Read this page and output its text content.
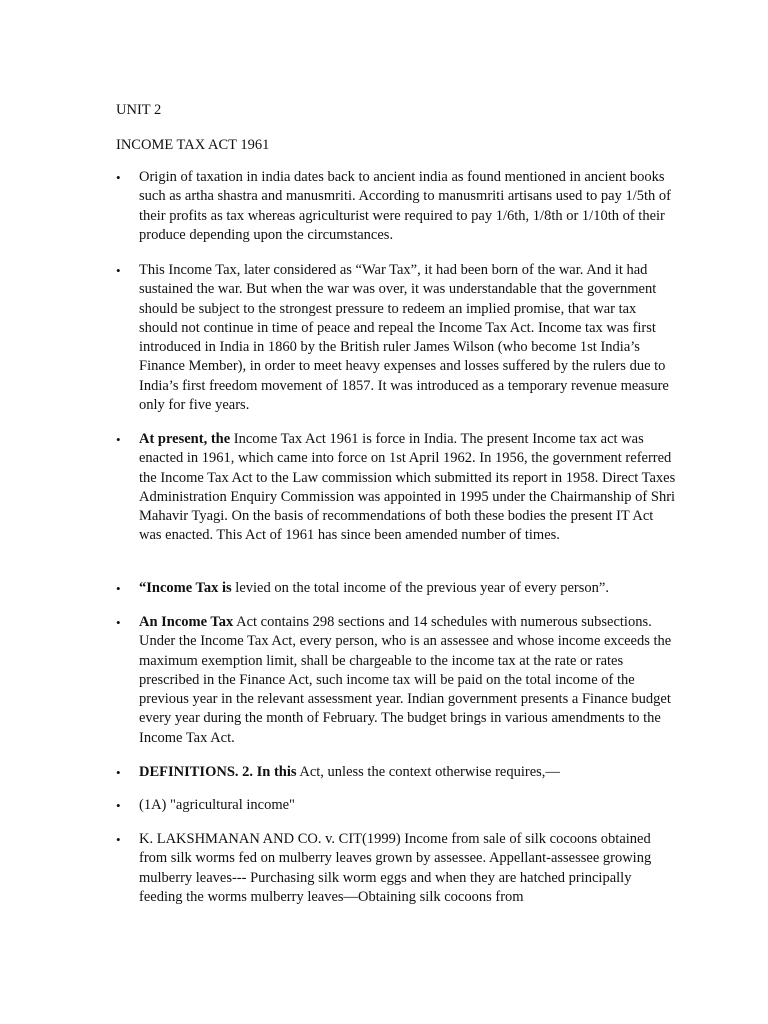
UNIT 2

INCOME TAX ACT 1961

•	Origin of taxation in india dates back to ancient india as found mentioned in ancient books such as artha shastra and manusmriti. According to manusmriti artisans used to pay 1/5th of their profits as tax whereas agriculturist were required to pay 1/6th, 1/8th or 1/10th of their produce depending upon the circumstances.

•	This Income Tax, later considered as “War Tax”, it had been born of the war. And it had sustained the war. But when the war was over, it was understandable that the government should be subject to the strongest pressure to redeem an implied promise, that war tax should not continue in time of peace and repeal the Income Tax Act. Income tax was first introduced in India in 1860 by the British ruler James Wilson (who become 1st India’s Finance Member), in order to meet heavy expenses and losses suffered by the rulers due to India’s first freedom movement of 1857. It was introduced as a temporary revenue measure only for five years.

•	At present, the Income Tax Act 1961 is force in India. The present Income tax act was enacted in 1961, which came into force on 1st April 1962. In 1956, the government referred the Income Tax Act to the Law commission which submitted its report in 1958. Direct Taxes Administration Enquiry Commission was appointed in 1995 under the Chairmanship of Shri Mahavir Tyagi. On the basis of recommendations of both these bodies the present IT Act was enacted. This Act of 1961 has since been amended number of times.

•	“Income Tax is levied on the total income of the previous year of every person”.

•	An Income Tax Act contains 298 sections and 14 schedules with numerous subsections. Under the Income Tax Act, every person, who is an assessee and whose income exceeds the maximum exemption limit, shall be chargeable to the income tax at the rate or rates prescribed in the Finance Act, such income tax will be paid on the total income of the previous year in the relevant assessment year. Indian government presents a Finance budget every year during the month of February. The budget brings in various amendments to the Income Tax Act.

•	DEFINITIONS. 2. In this Act, unless the context otherwise requires,—

•	(1A) "agricultural income"

•	K. LAKSHMANAN AND CO. v. CIT(1999) Income from sale of silk cocoons obtained from silk worms fed on mulberry leaves grown by assessee. Appellant-assessee growing mulberry leaves--- Purchasing silk worm eggs and when they are hatched principally feeding the worms mulberry leaves—Obtaining silk cocoons from
